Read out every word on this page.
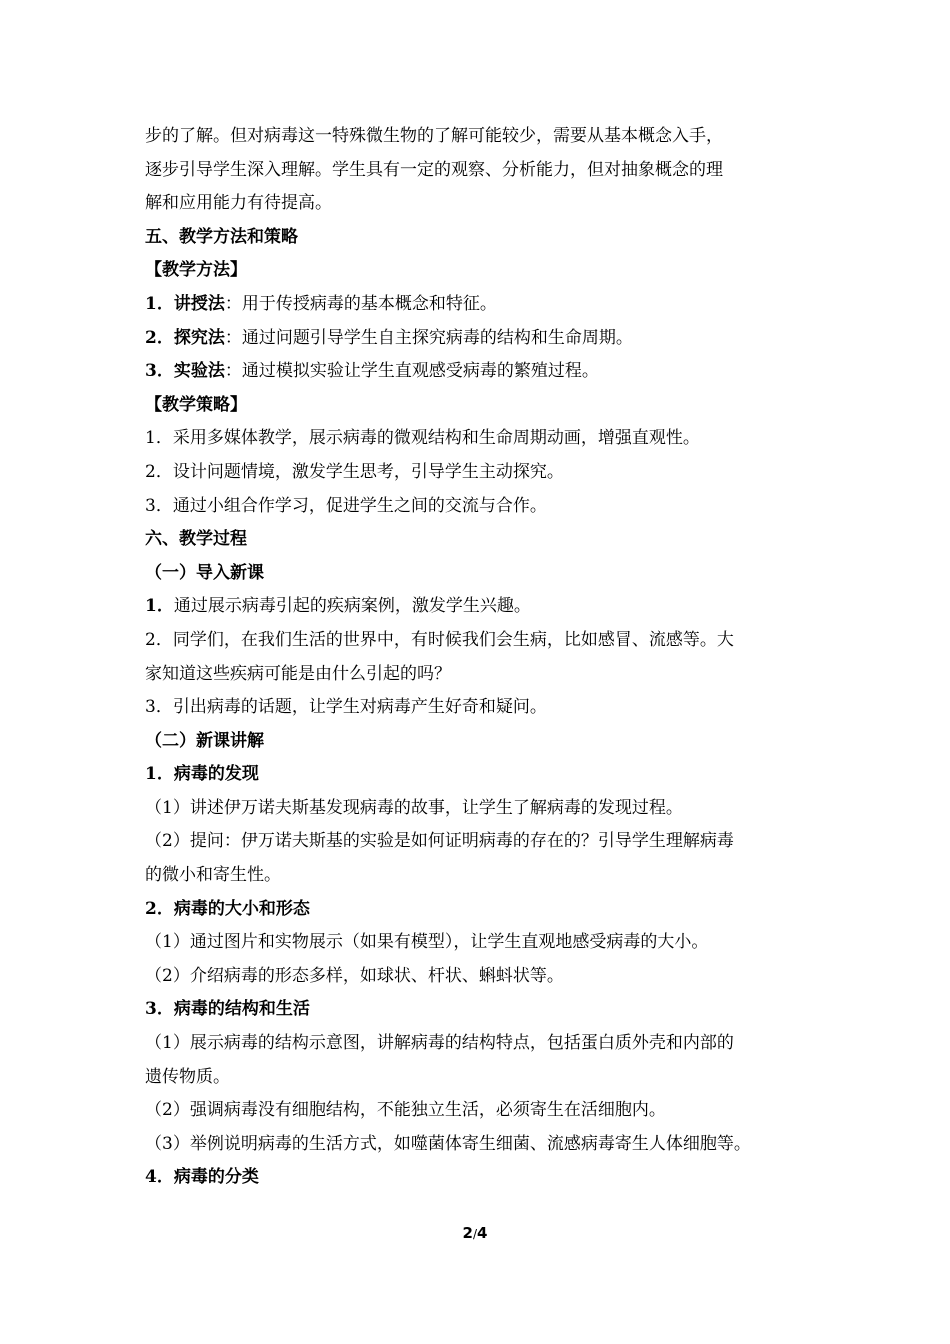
步的了解。但对病毒这一特殊微生物的了解可能较少，需要从基本概念入手，
逐步引导学生深入理解。学生具有一定的观察、分析能力，但对抽象概念的理
解和应用能力有待提高。
五、教学方法和策略
【教学方法】
1．讲授法：用于传授病毒的基本概念和特征。
2．探究法：通过问题引导学生自主探究病毒的结构和生命周期。
3．实验法：通过模拟实验让学生直观感受病毒的繁殖过程。
【教学策略】
1．采用多媒体教学，展示病毒的微观结构和生命周期动画，增强直观性。
2．设计问题情境，激发学生思考，引导学生主动探究。
3．通过小组合作学习，促进学生之间的交流与合作。
六、教学过程
（一）导入新课
1．通过展示病毒引起的疾病案例，激发学生兴趣。
2．同学们，在我们生活的世界中，有时候我们会生病，比如感冒、流感等。大
家知道这些疾病可能是由什么引起的吗？
3．引出病毒的话题，让学生对病毒产生好奇和疑问。
（二）新课讲解
1．病毒的发现
（1）讲述伊万诺夫斯基发现病毒的故事，让学生了解病毒的发现过程。
（2）提问：伊万诺夫斯基的实验是如何证明病毒的存在的？引导学生理解病毒
的微小和寄生性。
2．病毒的大小和形态
（1）通过图片和实物展示（如果有模型），让学生直观地感受病毒的大小。
（2）介绍病毒的形态多样，如球状、杆状、蝌蚪状等。
3．病毒的结构和生活
（1）展示病毒的结构示意图，讲解病毒的结构特点，包括蛋白质外壳和内部的
遗传物质。
（2）强调病毒没有细胞结构，不能独立生活，必须寄生在活细胞内。
（3）举例说明病毒的生活方式，如噬菌体寄生细菌、流感病毒寄生人体细胞等。
4．病毒的分类
2/4
